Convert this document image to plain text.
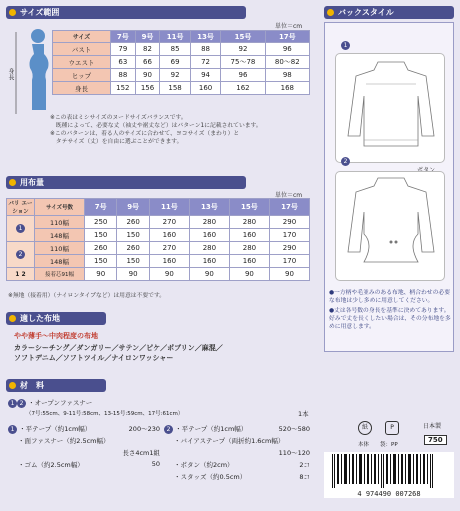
サイズ範囲
単位＝cm
身長
サイズ	7号	9号	11号	13号	15号	17号
バスト	79	82	85	88	92	96
ウエスト	63	66	69	72	75〜78	80〜82
ヒップ	88	90	92	94	96	98
身長	152	156	158	160	162	168
※この表はミシサイズのヌードサイズバランスです。
　既種によって、必要な丈（袖丈や裾丈など）はパターン1に記載されています。
※このパターンは、着る人のサイズに合わせて、ヨコサイズ（まわり）と
　タテサイズ（丈）を自由に選ぶことができます。
用布量
単位＝cm
バリ エーション	サイズ号数	7号	9号	11号	13号	15号	17号
1	110幅	250	260	270	280	280	290
	148幅	150	150	160	160	160	170
2	110幅	260	260	270	280	280	290
	148幅	150	150	160	160	160	170
1 2	接着芯91幅	90	90	90	90	90	90
※無地（接着用）（ナイロンタイプなど）は用意は不要です。
適した布地
やや薄手〜中肉程度の布地
カラーシーチング／ダンガリー／サテン／ピケ／ポプリン／麻混／
ソフトデニム／ソフトツイル／ナイロンワッシャー
材　料
1 2 ・オープンファスナー
（7号:55cm、9-11号:58cm、13-15号:59cm、17号:61cm）	1本
1 ・平テープ（約1cm幅）	200〜230
・面ファスナー（約2.5cm幅）
長さ4cm1組
・ゴム（約2.5cm幅）	50
2 ・平テープ（約1cm幅）	520〜580
・バイアステープ（両折約1.6cm幅）
110〜120
・ボタン（約2cm）	2コ
・スタッズ（約0.5cm）	8コ
バックスタイル
1
2
●一方柄や毛並みのある布地、柄合わせの必要な布地は少し多めに用意してください。
●丈は各号数の身長を基準に決めてあります。好みで丈を長くしたい場合は、その分布地を多めに用意します。
日本製
紙	P
本体 袋：PP
750
4 974490 007268
